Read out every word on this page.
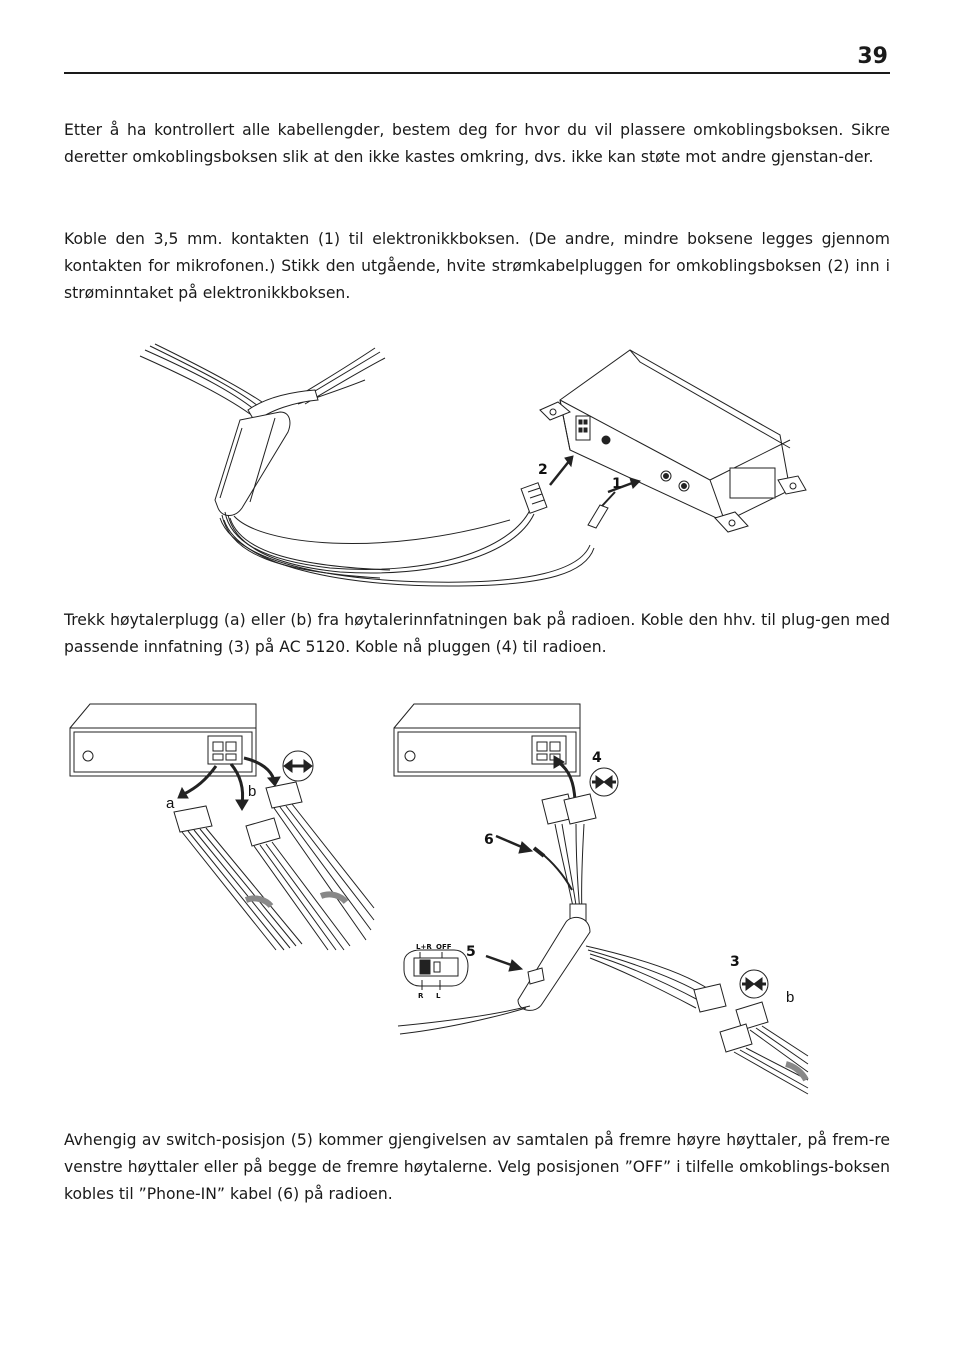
39

Etter å ha kontrollert alle kabellengder, bestem deg for hvor du vil plassere omkoblingsboksen. Sikre deretter omkoblingsboksen slik at den ikke kastes omkring, dvs. ikke kan støte mot andre gjenstan-der.

Koble den 3,5 mm. kontakten (1) til elektronikkboksen. (De andre, mindre boksene legges gjennom kontakten for mikrofonen.) Stikk den utgående, hvite strømkabelpluggen for omkoblingsboksen (2) inn i strøminntaket på elektronikkboksen.

2
1

Trekk høytalerplugg (a) eller (b) fra høytalerinnfatningen bak på radioen. Koble den hhv. til plug-gen med passende innfatning (3) på AC 5120. Koble nå pluggen (4) til radioen.

a
b
4
6
5
3
b
L+R OFF
R L

Avhengig av switch-posisjon (5) kommer gjengivelsen av samtalen på fremre høyre høyttaler, på frem-re venstre høyttaler eller på begge de fremre høytalerne. Velg posisjonen ”OFF” i tilfelle omkoblings-boksen kobles til ”Phone-IN” kabel (6) på radioen.
